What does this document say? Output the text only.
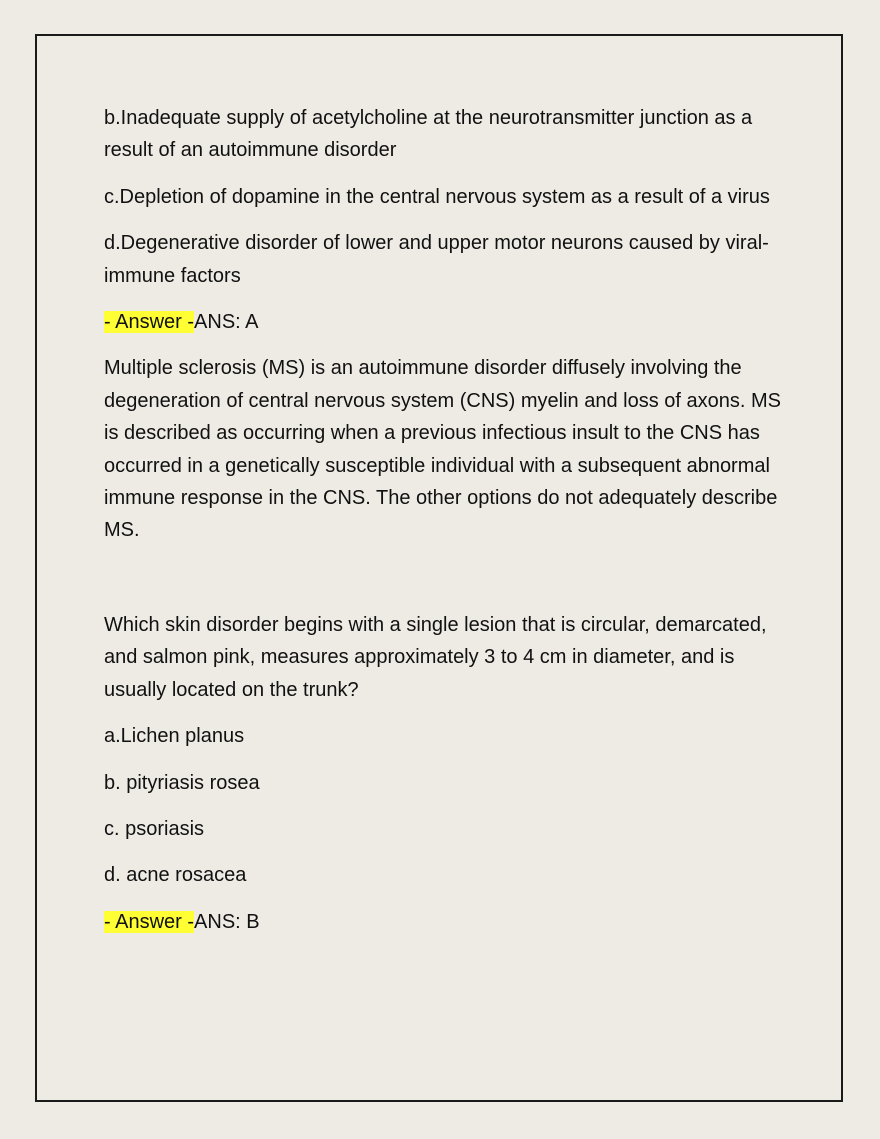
b.Inadequate supply of acetylcholine at the neurotransmitter junction as a result of an autoimmune disorder

c.Depletion of dopamine in the central nervous system as a result of a virus

d.Degenerative disorder of lower and upper motor neurons caused by viral-immune factors

- Answer -ANS: A

Multiple sclerosis (MS) is an autoimmune disorder diffusely involving the degeneration of central nervous system (CNS) myelin and loss of axons. MS is described as occurring when a previous infectious insult to the CNS has occurred in a genetically susceptible individual with a subsequent abnormal immune response in the CNS. The other options do not adequately describe MS.

Which skin disorder begins with a single lesion that is circular, demarcated, and salmon pink, measures approximately 3 to 4 cm in diameter, and is usually located on the trunk?

a.Lichen planus

b. pityriasis rosea

c. psoriasis

d. acne rosacea

- Answer -ANS: B
